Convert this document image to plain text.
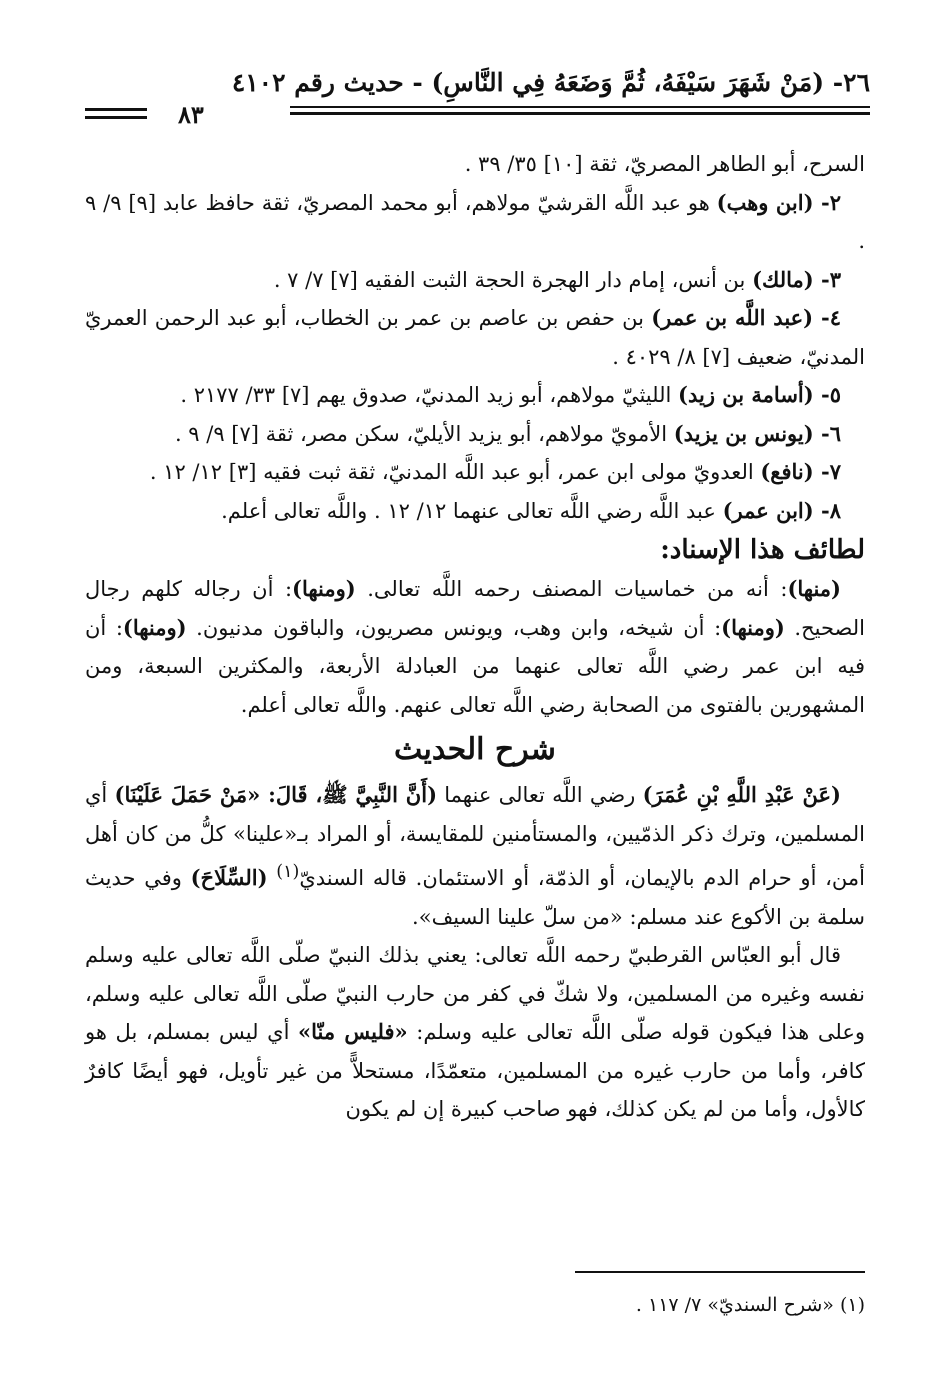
٢٦- (مَنْ شَهَرَ سَيْفَهُ، ثُمَّ وَضَعَهُ فِي النَّاسِ) - حديث رقم ٤١٠٢
٨٣

السرح، أبو الطاهر المصريّ، ثقة [١٠] ٣٥/ ٣٩ .

٢- (ابن وهب) هو عبد اللَّه القرشيّ مولاهم، أبو محمد المصريّ، ثقة حافظ عابد [٩] ٩/ ٩ .

٣- (مالك) بن أنس، إمام دار الهجرة الحجة الثبت الفقيه [٧] ٧/ ٧ .

٤- (عبد اللَّه بن عمر) بن حفص بن عاصم بن عمر بن الخطاب، أبو عبد الرحمن العمريّ المدنيّ، ضعيف [٧] ٨/ ٤٠٢٩ .

٥- (أسامة بن زيد) الليثيّ مولاهم، أبو زيد المدنيّ، صدوق يهم [٧] ٣٣/ ٢١٧٧ .

٦- (يونس بن يزيد) الأمويّ مولاهم، أبو يزيد الأيليّ، سكن مصر، ثقة [٧] ٩/ ٩ .

٧- (نافع) العدويّ مولى ابن عمر، أبو عبد اللَّه المدنيّ، ثقة ثبت فقيه [٣] ١٢/ ١٢ .

٨- (ابن عمر) عبد اللَّه رضي اللَّه تعالى عنهما ١٢/ ١٢ . واللَّه تعالى أعلم.

لطائف هذا الإسناد:

(منها): أنه من خماسيات المصنف رحمه اللَّه تعالى. (ومنها): أن رجاله كلهم رجال الصحيح. (ومنها): أن شيخه، وابن وهب، ويونس مصريون، والباقون مدنيون. (ومنها): أن فيه ابن عمر رضي اللَّه تعالى عنهما من العبادلة الأربعة، والمكثرين السبعة، ومن المشهورين بالفتوى من الصحابة رضي اللَّه تعالى عنهم. واللَّه تعالى أعلم.

شرح الحديث

(عَنْ عَبْدِ اللَّهِ بْنِ عُمَرَ) رضي اللَّه تعالى عنهما (أَنَّ النَّبِيَّ ﷺ، قَالَ: «مَنْ حَمَلَ عَلَيْنَا) أي المسلمين، وترك ذكر الذمّيين، والمستأمنين للمقايسة، أو المراد بـ«علينا» كلُّ من كان أهل أمن، أو حرام الدم بالإيمان، أو الذمّة، أو الاستئمان. قاله السنديّ$^{(١)}$ (السِّلَاحَ) وفي حديث سلمة بن الأكوع عند مسلم: «من سلّ علينا السيف».

قال أبو العبّاس القرطبيّ رحمه اللَّه تعالى: يعني بذلك النبيّ صلّى اللَّه تعالى عليه وسلم نفسه وغيره من المسلمين، ولا شكّ في كفر من حارب النبيّ صلّى اللَّه تعالى عليه وسلم، وعلى هذا فيكون قوله صلّى اللَّه تعالى عليه وسلم: «فليس منّا» أي ليس بمسلم، بل هو كافر، وأما من حارب غيره من المسلمين، متعمّدًا، مستحلاًّ من غير تأويل، فهو أيضًا كافرٌ كالأول، وأما من لم يكن كذلك، فهو صاحب كبيرة إن لم يكون

(١) «شرح السنديّ» ٧/ ١١٧ .
